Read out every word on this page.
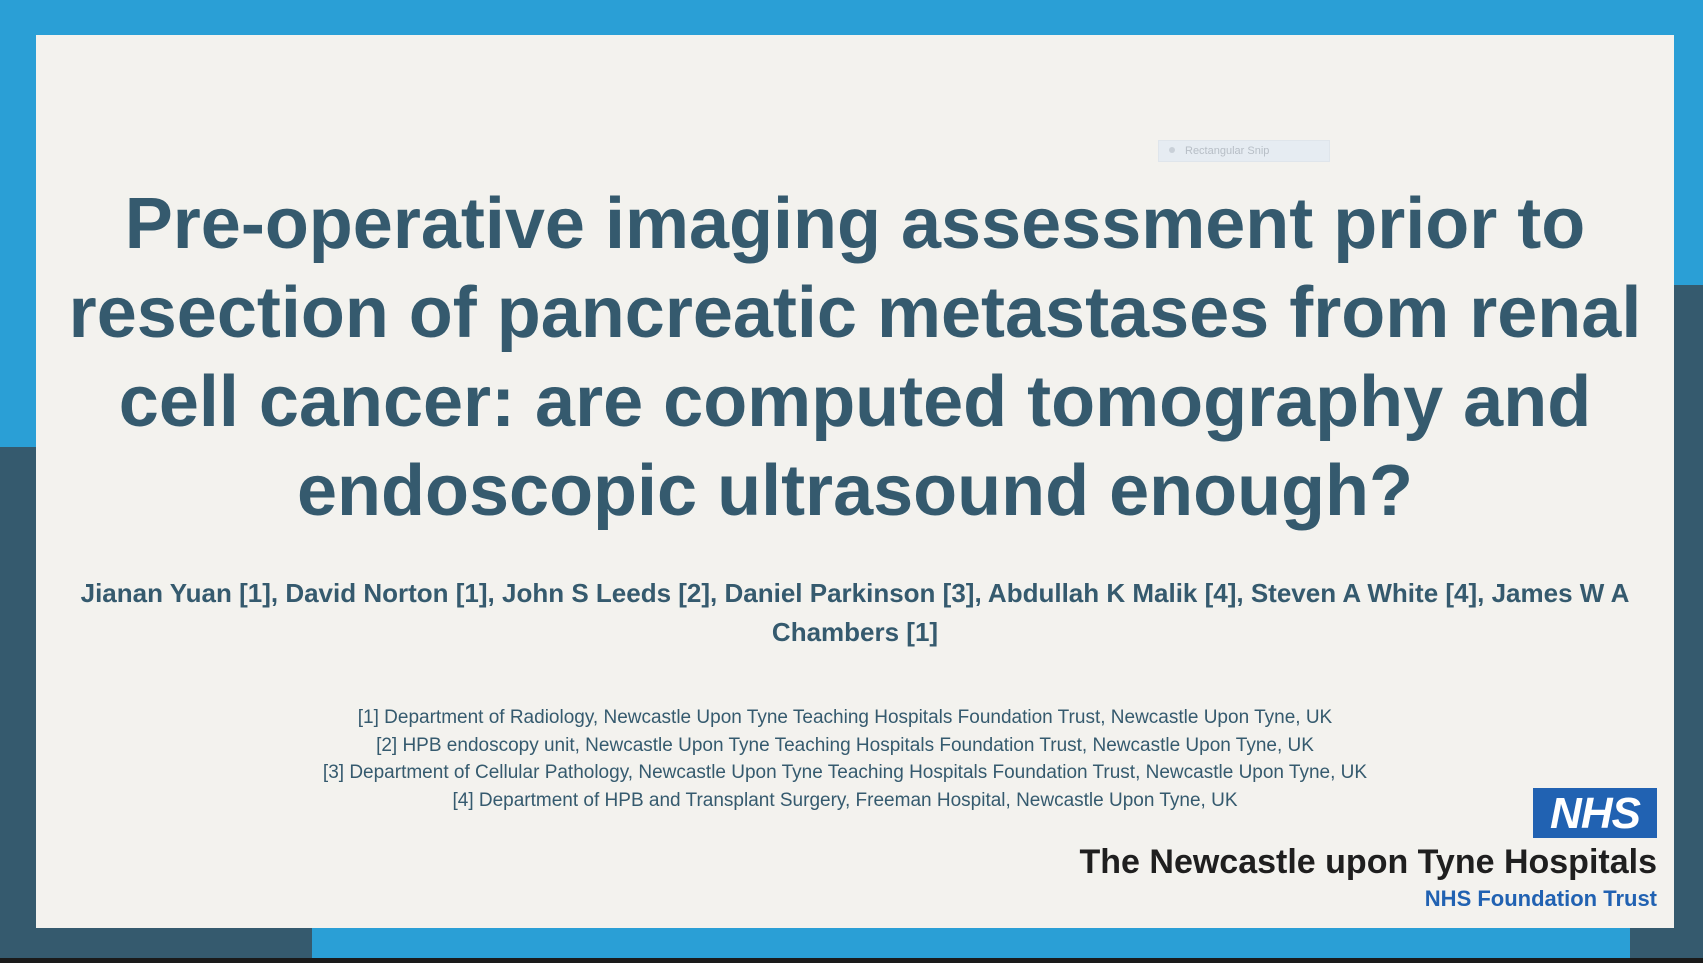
Rectangular Snip
Pre-operative imaging assessment prior to resection of pancreatic metastases from renal cell cancer: are computed tomography and endoscopic ultrasound enough?

Jianan Yuan [1], David Norton [1], John S Leeds [2], Daniel Parkinson [3], Abdullah K Malik [4], Steven A White [4], James W A Chambers [1]

[1] Department of Radiology, Newcastle Upon Tyne Teaching Hospitals Foundation Trust, Newcastle Upon Tyne, UK
[2] HPB endoscopy unit, Newcastle Upon Tyne Teaching Hospitals Foundation Trust, Newcastle Upon Tyne, UK
[3] Department of Cellular Pathology, Newcastle Upon Tyne Teaching Hospitals Foundation Trust, Newcastle Upon Tyne, UK
[4] Department of HPB and Transplant Surgery, Freeman Hospital, Newcastle Upon Tyne, UK	NHS
The Newcastle upon Tyne Hospitals
NHS Foundation Trust
